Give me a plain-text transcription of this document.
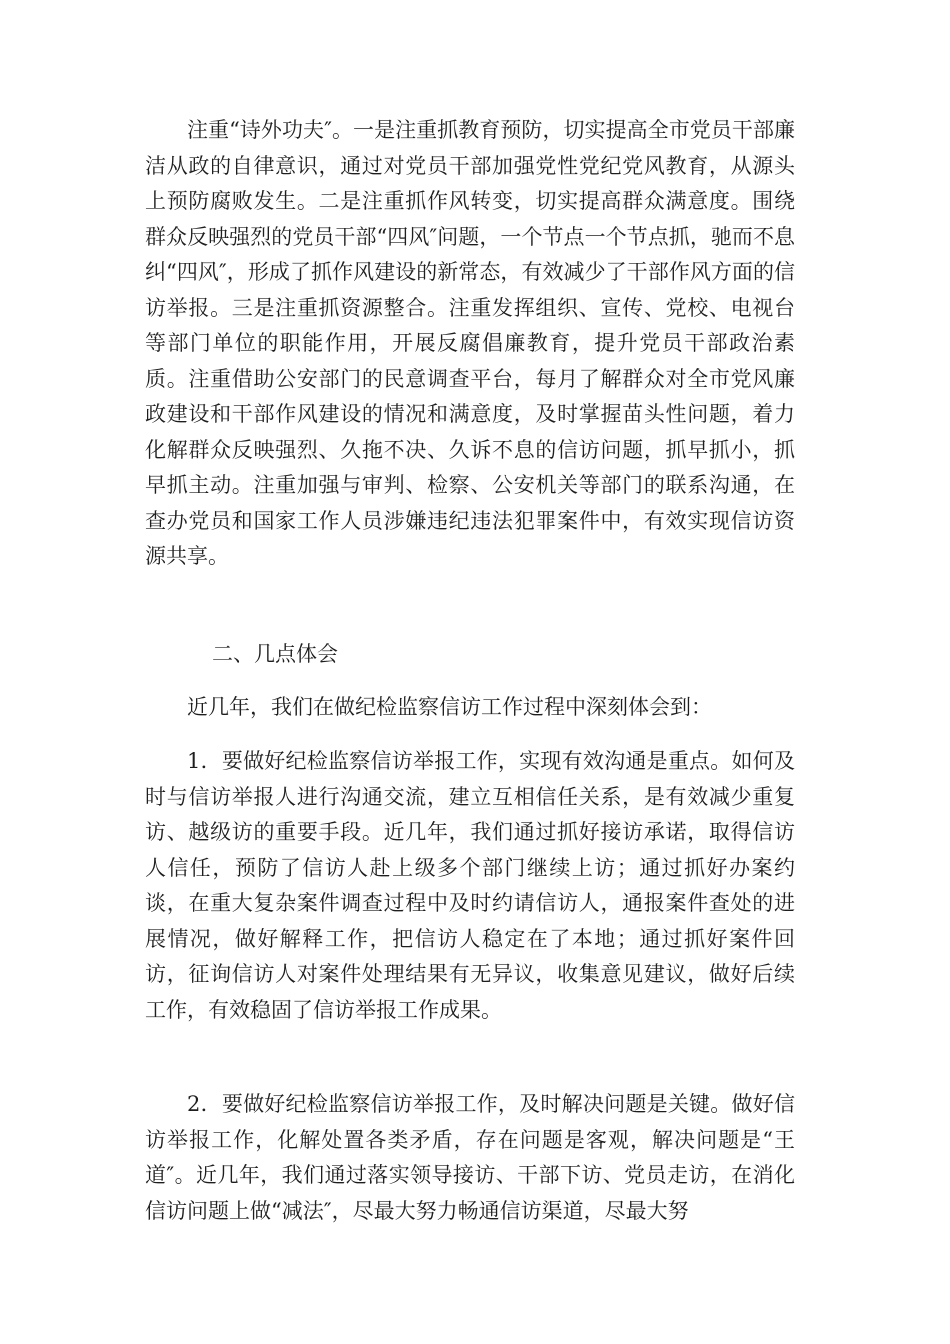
注重“诗外功夫″。一是注重抓教育预防，切实提高全市党员干部廉洁从政的自律意识，通过对党员干部加强党性党纪党风教育，从源头上预防腐败发生。二是注重抓作风转变，切实提高群众满意度。围绕群众反映强烈的党员干部“四风″问题，一个节点一个节点抓，驰而不息纠“四风″，形成了抓作风建设的新常态，有效减少了干部作风方面的信访举报。三是注重抓资源整合。注重发挥组织、宣传、党校、电视台等部门单位的职能作用，开展反腐倡廉教育，提升党员干部政治素质。注重借助公安部门的民意调查平台，每月了解群众对全市党风廉政建设和干部作风建设的情况和满意度，及时掌握苗头性问题，着力化解群众反映强烈、久拖不决、久诉不息的信访问题，抓早抓小，抓早抓主动。注重加强与审判、检察、公安机关等部门的联系沟通，在查办党员和国家工作人员涉嫌违纪违法犯罪案件中，有效实现信访资源共享。

二、几点体会

近几年，我们在做纪检监察信访工作过程中深刻体会到：

1．要做好纪检监察信访举报工作，实现有效沟通是重点。如何及时与信访举报人进行沟通交流，建立互相信任关系，是有效减少重复访、越级访的重要手段。近几年，我们通过抓好接访承诺，取得信访人信任，预防了信访人赴上级多个部门继续上访；通过抓好办案约谈，在重大复杂案件调查过程中及时约请信访人，通报案件查处的进展情况，做好解释工作，把信访人稳定在了本地；通过抓好案件回访，征询信访人对案件处理结果有无异议，收集意见建议，做好后续工作，有效稳固了信访举报工作成果。

2．要做好纪检监察信访举报工作，及时解决问题是关键。做好信访举报工作，化解处置各类矛盾，存在问题是客观，解决问题是“王道″。近几年，我们通过落实领导接访、干部下访、党员走访，在消化信访问题上做“减法″，尽最大努力畅通信访渠道，尽最大努
